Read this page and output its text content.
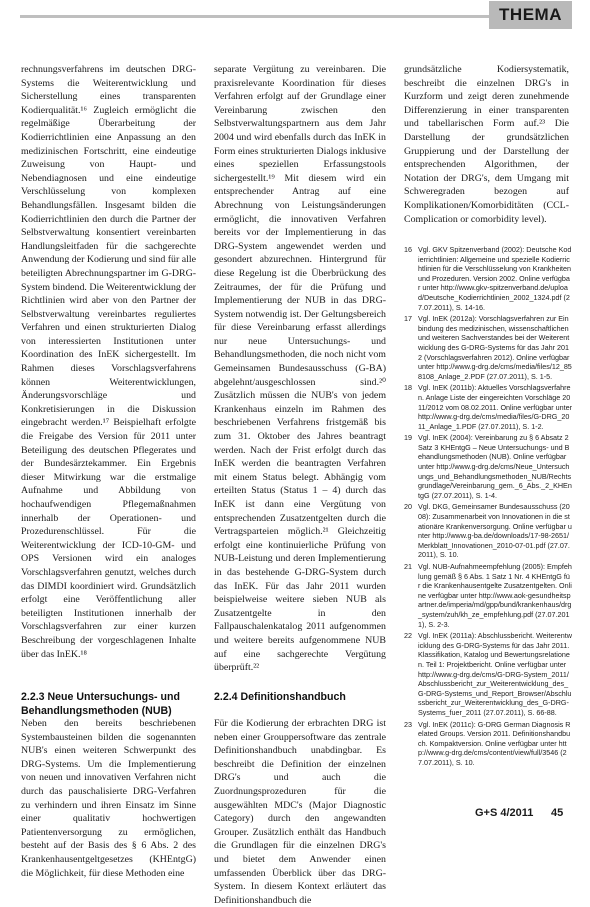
THEMA

rechnungsverfahrens im deutschen DRG-Systems die Weiterentwicklung und Sicherstellung eines transparenten Kodierqualität.¹⁶ Zugleich ermöglicht die regelmäßige Überarbeitung der Kodierrichtlinien eine Anpassung an den medizinischen Fortschritt, eine eindeutige Zuweisung von Haupt- und Nebendiagnosen und eine eindeutige Verschlüsselung von komplexen Behandlungsfällen. Insgesamt bilden die Kodierrichtlinien den durch die Partner der Selbstverwaltung konsentiert vereinbarten Handlungsleitfaden für die sachgerechte Anwendung der Kodierung und sind für alle beteiligten Abrechnungspartner im G-DRG-System bindend. Die Weiterentwicklung der Richtlinien wird aber von den Partner der Selbstverwaltung vereinbartes reguliertes Verfahren und einen strukturierten Dialog von interessierten Institutionen unter Koordination des InEK sichergestellt. Im Rahmen dieses Vorschlagsverfahrens können Weiterentwicklungen, Änderungsvorschläge und Konkretisierungen in die Diskussion eingebracht werden.¹⁷ Beispielhaft erfolgte die Freigabe des Version für 2011 unter Beteiligung des deutschen Pflegerates und der Bundesärztekammer. Ein Ergebnis dieser Mitwirkung war die erstmalige Aufnahme und Abbildung von hochaufwendigen Pflegemaßnahmen innerhalb der Operationen- und Prozedurenschlüssel. Für die Weiterentwicklung der ICD-10-GM- und OPS Versionen wird ein analoges Vorschlagsverfahren genutzt, welches durch das DIMDI koordiniert wird. Grundsätzlich erfolgt eine Veröffentlichung aller beteiligten Institutionen innerhalb der Vorschlagsverfahren zur einer kurzen Beschreibung der vorgeschlagenen Inhalte über das InEK.¹⁸

separate Vergütung zu vereinbaren. Die praxisrelevante Koordination für dieses Verfahren erfolgt auf der Grundlage einer Vereinbarung zwischen den Selbstverwaltungspartnern aus dem Jahr 2004 und wird ebenfalls durch das InEK in Form eines strukturierten Dialogs inklusive eines speziellen Erfassungstools sichergestellt.¹⁹ Mit diesem wird ein entsprechender Antrag auf eine Abrechnung von Leistungsänderungen ermöglicht, die innovativen Verfahren bereits vor der Implementierung in das DRG-System angewendet werden und gesondert abzurechnen. Hintergrund für diese Regelung ist die Überbrückung des Zeitraumes, der für die Prüfung und Implementierung der NUB in das DRG-System notwendig ist. Der Geltungsbereich für diese Vereinbarung erfasst allerdings nur neue Untersuchungs- und Behandlungsmethoden, die noch nicht vom Gemeinsamen Bundesausschuss (G-BA) abgelehnt/ausgeschlossen sind.²⁰ Zusätzlich müssen die NUB's von jedem Krankenhaus einzeln im Rahmen des beschriebenen Verfahrens fristgemäß bis zum 31. Oktober des Jahres beantragt werden. Nach der Frist erfolgt durch das InEK werden die beantragten Verfahren mit einem Status belegt. Abhängig vom erteilten Status (Status 1 – 4) durch das InEK ist dann eine Vergütung von entsprechenden Zusatzentgelten durch die Vertragsparteien möglich.²¹ Gleichzeitig erfolgt eine kontinuierliche Prüfung von NUB-Leistung und deren Implementierung in das bestehende G-DRG-System durch das InEK. Für das Jahr 2011 wurden beispielweise weitere sieben NUB als Zusatzentgelte in den Fallpauschalenkatalog 2011 aufgenommen und weitere bereits aufgenommene NUB auf eine sachgerechte Vergütung überprüft.²²

grundsätzliche Kodiersystematik, beschreibt die einzelnen DRG's in Kurzform und zeigt deren zunehmende Differenzierung in einer transparenten und tabellarischen Form auf.²³ Die Darstellung der grundsätzlichen Gruppierung und der Darstellung der entsprechenden Algorithmen, der Notation der DRG's, dem Umgang mit Schweregraden bezogen auf Komplikationen/Komorbiditäten (CCL-Complication or comorbidity level).

16 Vgl. GKV Spitzenverband (2002): Deutsche Kodierrichtlinien: Allgemeine und spezielle Kodierrichtlinien für die Verschlüsselung von Krankheiten und Prozeduren. Version 2002. Online verfügbar unter http://www.gkv-spitzenverband.de/upload/Deutsche_Kodierrichtlinien_2002_1324.pdf (27.07.2011), S. 14-16.
17 Vgl. InEK (2012a): Vorschlagsverfahren zur Einbindung des medizinischen, wissenschaftlichen und weiteren Sachverstandes bei der Weiterentwicklung des G-DRG-Systems für das Jahr 2012 (Vorschlagsverfahren 2012). Online verfügbar unter http://www.g-drg.de/cms/media/files/12_858108_Anlage_2.PDF (27.07.2011), S. 1-5.
18 Vgl. InEK (2011b): Aktuelles Vorschlagsverfahren. Anlage Liste der eingereichten Vorschläge 2011/2012 vom 08.02.2011. Online verfügbar unter http://www.g-drg.de/cms/media/files/G-DRG_2011_Anlage_1.PDF (27.07.2011), S. 1-2.
19 Vgl. InEK (2004): Vereinbarung zu § 6 Absatz 2 Satz 3 KHEntgG – Neue Untersuchungs- und Behandlungsmethoden (NUB). Online verfügbar unter http://www.g-drg.de/cms/Neue_Untersuchungs_und_Behandlungsmethoden_NUB/Rechtsgrundlage/Vereinbarung_gem._6_Abs._2_KHEntgG (27.07.2011), S. 1-4.
20 Vgl. DKG, Gemeinsamer Bundesausschuss (2008): Zusammenarbeit von Innovationen in die stationäre Krankenversorgung. Online verfügbar unter http://www.g-ba.de/downloads/17-98-2651/Merkblatt_Innovationen_2010-07-01.pdf (27.07.2011), S. 10.
21 Vgl. NUB-Aufnahmeempfehlung (2005): Empfehlung gemäß § 6 Abs. 1 Satz 1 Nr. 4 KHEntgG für die Krankenhausentgelte Zusatzentgelten. Online verfügbar unter http://www.aok-gesundheitspartner.de/imperia/md/gpp/bund/krankenhaus/drg_system/zuh/kh_ze_empfehlung.pdf (27.07.2011), S. 2-3.
22 Vgl. InEK (2011a): Abschlussbericht. Weiterentwicklung des G-DRG-Systems für das Jahr 2011. Klassifikation, Katalog und Bewertungsrelationen. Teil 1: Projektbericht. Online verfügbar unter http://www.g-drg.de/cms/G-DRG-System_2011/Abschlussbericht_zur_Weiterentwicklung_des_G-DRG-Systems_und_Report_Browser/Abschlussbericht_zur_Weiterentwicklung_des_G-DRG-Systems_fuer_2011 (27.07.2011), S. 66-88.
23 Vgl. InEK (2011c): G-DRG German Diagnosis Related Groups. Version 2011. Definitionshandbuch. Kompaktversion. Online verfügbar unter http://www.g-drg.de/cms/content/view/full/3546 (27.07.2011), S. 10.
2.2.3 Neue Untersuchungs- und Behandlungsmethoden (NUB)
2.2.4 Definitionshandbuch

Neben den bereits beschriebenen Systembausteinen bilden die sogenannten NUB's einen weiteren Schwerpunkt des DRG-Systems. Um die Implementierung von neuen und innovativen Verfahren nicht durch das pauschalisierte DRG-Verfahren zu verhindern und ihren Einsatz im Sinne einer qualitativ hochwertigen Patientenversorgung zu ermöglichen, besteht auf der Basis des § 6 Abs. 2 des Krankenhausentgeltgesetzes (KHEntgG) die Möglichkeit, für diese Methoden eine

Für die Kodierung der erbrachten DRG ist neben einer Grouppersoftware das zentrale Definitionshandbuch unabdingbar. Es beschreibt die Definition der einzelnen DRG's und auch die Zuordnungsprozeduren für die ausgewählten MDC's (Major Diagnostic Category) durch den angewandten Grouper. Zusätzlich enthält das Handbuch die Grundlagen für die einzelnen DRG's und bietet dem Anwender einen umfassenden Überblick über das DRG-System. In diesem Kontext erläutert das Definitionshandbuch die

G+S 4/2011 45
